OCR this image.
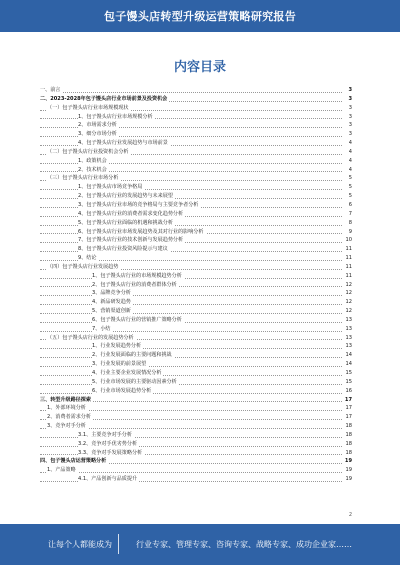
包子馒头店转型升级运营策略研究报告
内容目录
一、前言	3
二、2023-2028年包子馒头店行业市场前景及投资机会	3
（一）包子馒头店行业市场规模现状	3
1、包子馒头店行业市场规模分析	3
2、市场需求分析	3
3、细分市场分析	3
4、包子馒头店行业发展趋势与市场前景	4
（二）包子馒头店行业投资机会分析	4
1、政策机会	4
2、技术机会	4
（三）包子馒头店行业市场分析	5
1、包子馒头店市场竞争格局	5
2、包子馒头店行业的发展趋势与未来展望	5
3、包子馒头店行业市场的竞争格局与主要竞争者分析	6
4、包子馒头店行业的消费者需求变化趋势分析	7
5、包子馒头店行业面临的机遇和挑战分析	8
6、包子馒头店行业市场发展趋势及其对行业的影响分析	9
7、包子馒头店行业的技术创新与发展趋势分析	10
8、包子馒头店行业投资风险提示与建议	11
9、结论	11
（四）包子馒头店行业发展趋势	11
1、包子馒头店行业的市场规模趋势分析	11
2、包子馒头店行业的消费者群体分析	12
3、品牌竞争分析	12
4、新品研发趋势	12
5、营销渠道创新	12
6、包子馒头店行业的营销推广策略分析	13
7、小结	13
（五）包子馒头店行业的发展趋势分析	13
1、行业发展趋势分析	13
2、行业发展面临的主要问题和挑战	14
3、行业发展的前景展望	14
4、行业主要企业发展情况分析	15
5、行业市场发展的主要驱动因素分析	15
6、行业市场发展趋势分析	16
三、转型升级路径探索	17
1、外部环境分析	17
2、消费者需求分析	17
3、竞争对手分析	18
3.1、主要竞争对手分析	18
3.2、竞争对手优劣势分析	18
3.3、竞争对手发展策略分析	18
四、包子馒头店运营策略分析	19
1、产品策略	19
4.1、产品创新与品质提升	19
2
让每个人都能成为	行业专家、管理专家、咨询专家、战略专家、成功企业家……
